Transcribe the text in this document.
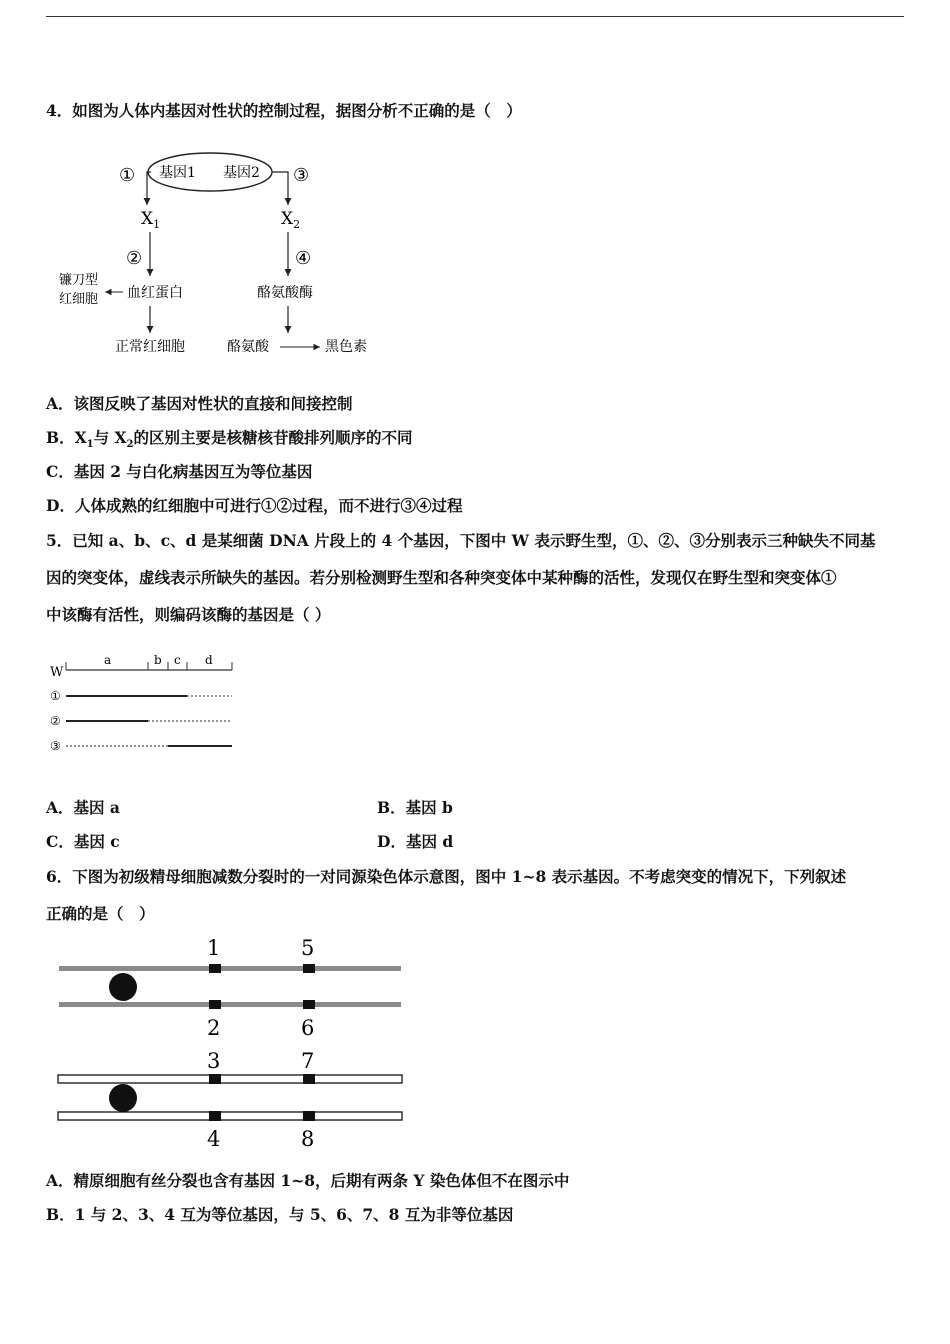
4．如图为人体内基因对性状的控制过程，据图分析不正确的是（　）
基因1 基因2
①	③
$X_1$	$X_2$
②	④
镰刀型
红细胞 血红蛋白	酪氨酸酶
正常红细胞	酪氨酸	黑色素
A．该图反映了基因对性状的直接和间接控制
B．$X_1$与 $X_2$的区别主要是核糖核苷酸排列顺序的不同
C．基因 2 与白化病基因互为等位基因
D．人体成熟的红细胞中可进行①②过程，而不进行③④过程
5．已知 a、b、c、d 是某细菌 DNA 片段上的 4 个基因，下图中 W 表示野生型，①、②、③分别表示三种缺失不同基
因的突变体，虚线表示所缺失的基因。若分别检测野生型和各种突变体中某种酶的活性，发现仅在野生型和突变体①
中该酶有活性，则编码该酶的基因是（ ）
W
a	b c d
①
②
③
A．基因 a	B．基因 b
C．基因 c	D．基因 d
6．下图为初级精母细胞减数分裂时的一对同源染色体示意图，图中 1~8 表示基因。不考虑突变的情况下，下列叙述
正确的是（　）
1	5
2	6
3	7
4	8
A．精原细胞有丝分裂也含有基因 1~8，后期有两条 Y 染色体但不在图示中
B．1 与 2、3、4 互为等位基因，与 5、6、7、8 互为非等位基因
